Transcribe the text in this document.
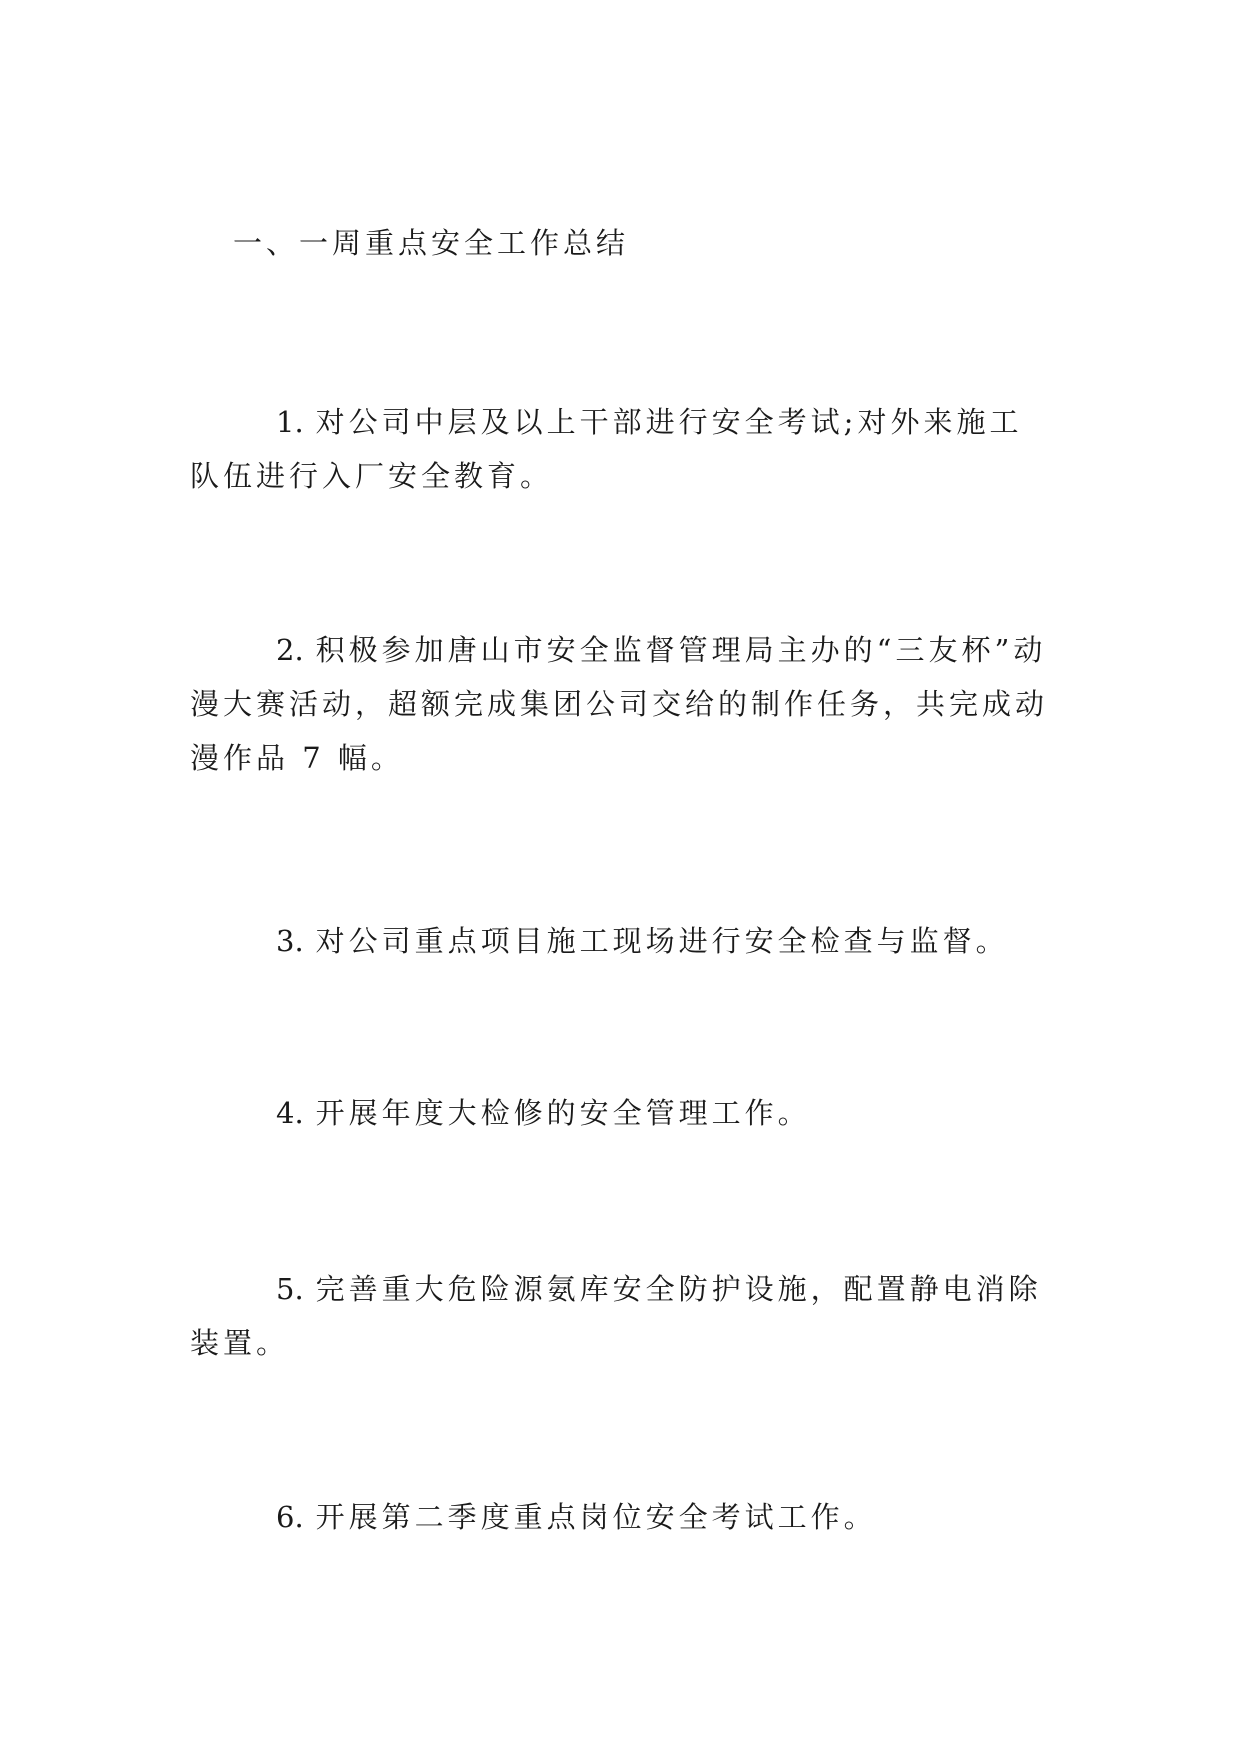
一、一周重点安全工作总结

1. 对公司中层及以上干部进行安全考试;对外来施工队伍进行入厂安全教育。

2. 积极参加唐山市安全监督管理局主办的“三友杯”动漫大赛活动，超额完成集团公司交给的制作任务，共完成动漫作品 7 幅。

3. 对公司重点项目施工现场进行安全检查与监督。

4. 开展年度大检修的安全管理工作。

5. 完善重大危险源氨库安全防护设施，配置静电消除装置。

6. 开展第二季度重点岗位安全考试工作。
